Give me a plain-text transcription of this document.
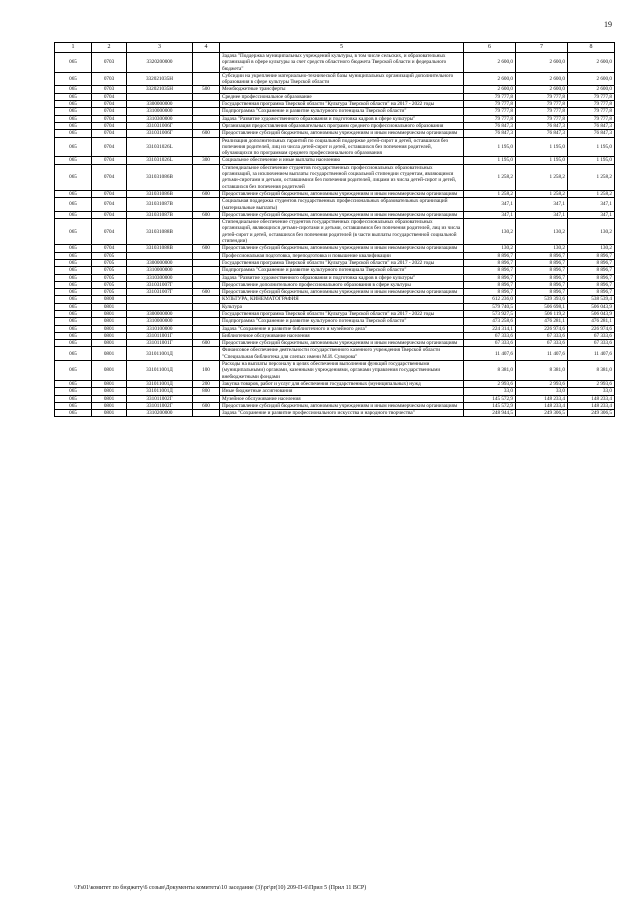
19
1	2	3	4	5	6	7	8
065	0703	3320200000		Задача "Поддержка муниципальных учреждений культуры, в том числе сельских, и образовательных организаций в сфере культуры за счет средств областного бюджета Тверской области и федерального бюджета"	2 600,0	2 600,0	2 600,0
065	0703	332021035Н		Субсидии на укрепление материально-технической базы муниципальных организаций дополнительного образования в сфере культуры Тверской области	2 600,0	2 600,0	2 600,0
065	0703	332021035Н	500	Межбюджетные трансферты	2 600,0	2 600,0	2 600,0
065	0704			Среднее профессиональное образование	79 777,8	79 777,8	79 777,8
065	0704	3300000000		Государственная программа Тверской области "Культура Тверской области" на 2017 - 2022 годы	79 777,8	79 777,8	79 777,8
065	0704	3310000000		Подпрограмма "Сохранение и развитие культурного потенциала Тверской области"	79 777,8	79 777,8	79 777,8
065	0704	3310300000		Задача "Развитие художественного образования и подготовка кадров в сфере культуры"	79 777,8	79 777,8	79 777,8
065	0704	331031006Г		Организация предоставления образовательных программ среднего профессионального образования	76 847,3	76 847,3	76 847,3
065	0704	331031006Г	600	Предоставление субсидий бюджетным, автономным учреждениям и иным некоммерческим организациям	76 847,3	76 847,3	76 847,3
065	0704	331031026L		Реализация дополнительных гарантий по социальной поддержке детей-сирот и детей, оставшихся без попечения родителей, лиц из числа детей-сирот и детей, оставшихся без попечения родителей, обучающихся по программам среднего профессионального образования	1 195,0	1 195,0	1 195,0
065	0704	331031026L	300	Социальное обеспечение и иные выплаты населению	1 195,0	1 195,0	1 195,0
065	0704	331031086В		Стипендиальное обеспечение студентов государственных профессиональных образовательных организаций, за исключением выплаты государственной социальной стипендии студентам, являющимся детьми-сиротами и детьми, оставшимися без попечения родителей, лицами из числа детей-сирот и детей, оставшихся без попечения родителей	1 258,2	1 258,2	1 258,2
065	0704	331031086В	600	Предоставление субсидий бюджетным, автономным учреждениям и иным некоммерческим организациям	1 258,2	1 258,2	1 258,2
065	0704	331031087В		Социальная поддержка студентов государственных профессиональных образовательных организаций (материальные выплаты)	347,1	347,1	347,1
065	0704	331031087В	600	Предоставление субсидий бюджетным, автономным учреждениям и иным некоммерческим организациям	347,1	347,1	347,1
065	0704	331031088В		Стипендиальное обеспечение студентов государственных профессиональных образовательных организаций, являющихся детьми-сиротами и детьми, оставшимися без попечения родителей, лиц из числа детей-сирот и детей, оставшихся без попечения родителей (в части выплаты государственной социальной стипендии)	130,2	130,2	130,2
065	0704	331031088В	600	Предоставление субсидий бюджетным, автономным учреждениям и иным некоммерческим организациям	130,2	130,2	130,2
065	0705			Профессиональная подготовка, переподготовка и повышение квалификации	8 896,7	8 896,7	8 896,7
065	0705	3300000000		Государственная программа Тверской области "Культура Тверской области" на 2017 - 2022 годы	8 896,7	8 896,7	8 896,7
065	0705	3310000000		Подпрограмма "Сохранение и развитие культурного потенциала Тверской области"	8 896,7	8 896,7	8 896,7
065	0705	3310300000		Задача "Развитие художественного образования и подготовка кадров в сфере культуры"	8 896,7	8 896,7	8 896,7
065	0705	331031007Г		Предоставление дополнительного профессионального образования в сфере культуры	8 896,7	8 896,7	8 896,7
065	0705	331031007Г	600	Предоставление субсидий бюджетным, автономным учреждениям и иным некоммерческим организациям	8 896,7	8 896,7	8 896,7
065	0800			КУЛЬТУРА, КИНЕМАТОГРАФИЯ	612 236,0	539 393,6	538 539,4
065	0801			Культура	579 740,5	506 698,1	506 043,9
065	0801	3300000000		Государственная программа Тверской области "Культура Тверской области" на 2017 - 2022 годы	573 927,5	506 119,2	506 043,9
065	0801	3310000000		Подпрограмма "Сохранение и развитие культурного потенциала Тверской области"	473 258,6	476 281,1	476 281,1
065	0801	3310100000		Задача "Сохранение и развитие библиотечного и музейного дела"	224 314,1	226 974,6	226 974,6
065	0801	331011001Г		Библиотечное обслуживание населения	67 333,6	67 333,6	67 333,6
065	0801	331011001Г	600	Предоставление субсидий бюджетным, автономным учреждениям и иным некоммерческим организациям	67 333,6	67 333,6	67 333,6
065	0801	331011001Д		Финансовое обеспечение деятельности государственного казенного учреждения Тверской области "Специальная библиотека для слепых имени М.И. Суворова"	11 407,6	11 407,6	11 407,6
065	0801	331011001Д	100	Расходы на выплаты персоналу в целях обеспечения выполнения функций государственными (муниципальными) органами, казенными учреждениями, органами управления государственными внебюджетными фондами	8 381,0	8 381,0	8 381,0
065	0801	331011001Д	200	Закупка товаров, работ и услуг для обеспечения государственных (муниципальных) нужд	2 993,6	2 993,6	2 993,6
065	0801	331011001Д	800	Иные бюджетные ассигнования	33,0	33,0	33,0
065	0801	331011002Г		Музейное обслуживание населения	145 572,9	148 233,4	148 233,4
065	0801	331011002Г	600	Предоставление субсидий бюджетным, автономным учреждениям и иным некоммерческим организациям	145 572,9	148 233,4	148 233,4
065	0801	3310200000		Задача "Сохранение и развитие профессионального искусства и народного творчества"	248 944,5	249 306,5	249 306,5
\\Fs01\комитет по бюджету\6 созыв\Документы комитета\10 заседание (3)\pr\pr(10) 209-П-6\Прил 5 (Прил 11 ВСР)
